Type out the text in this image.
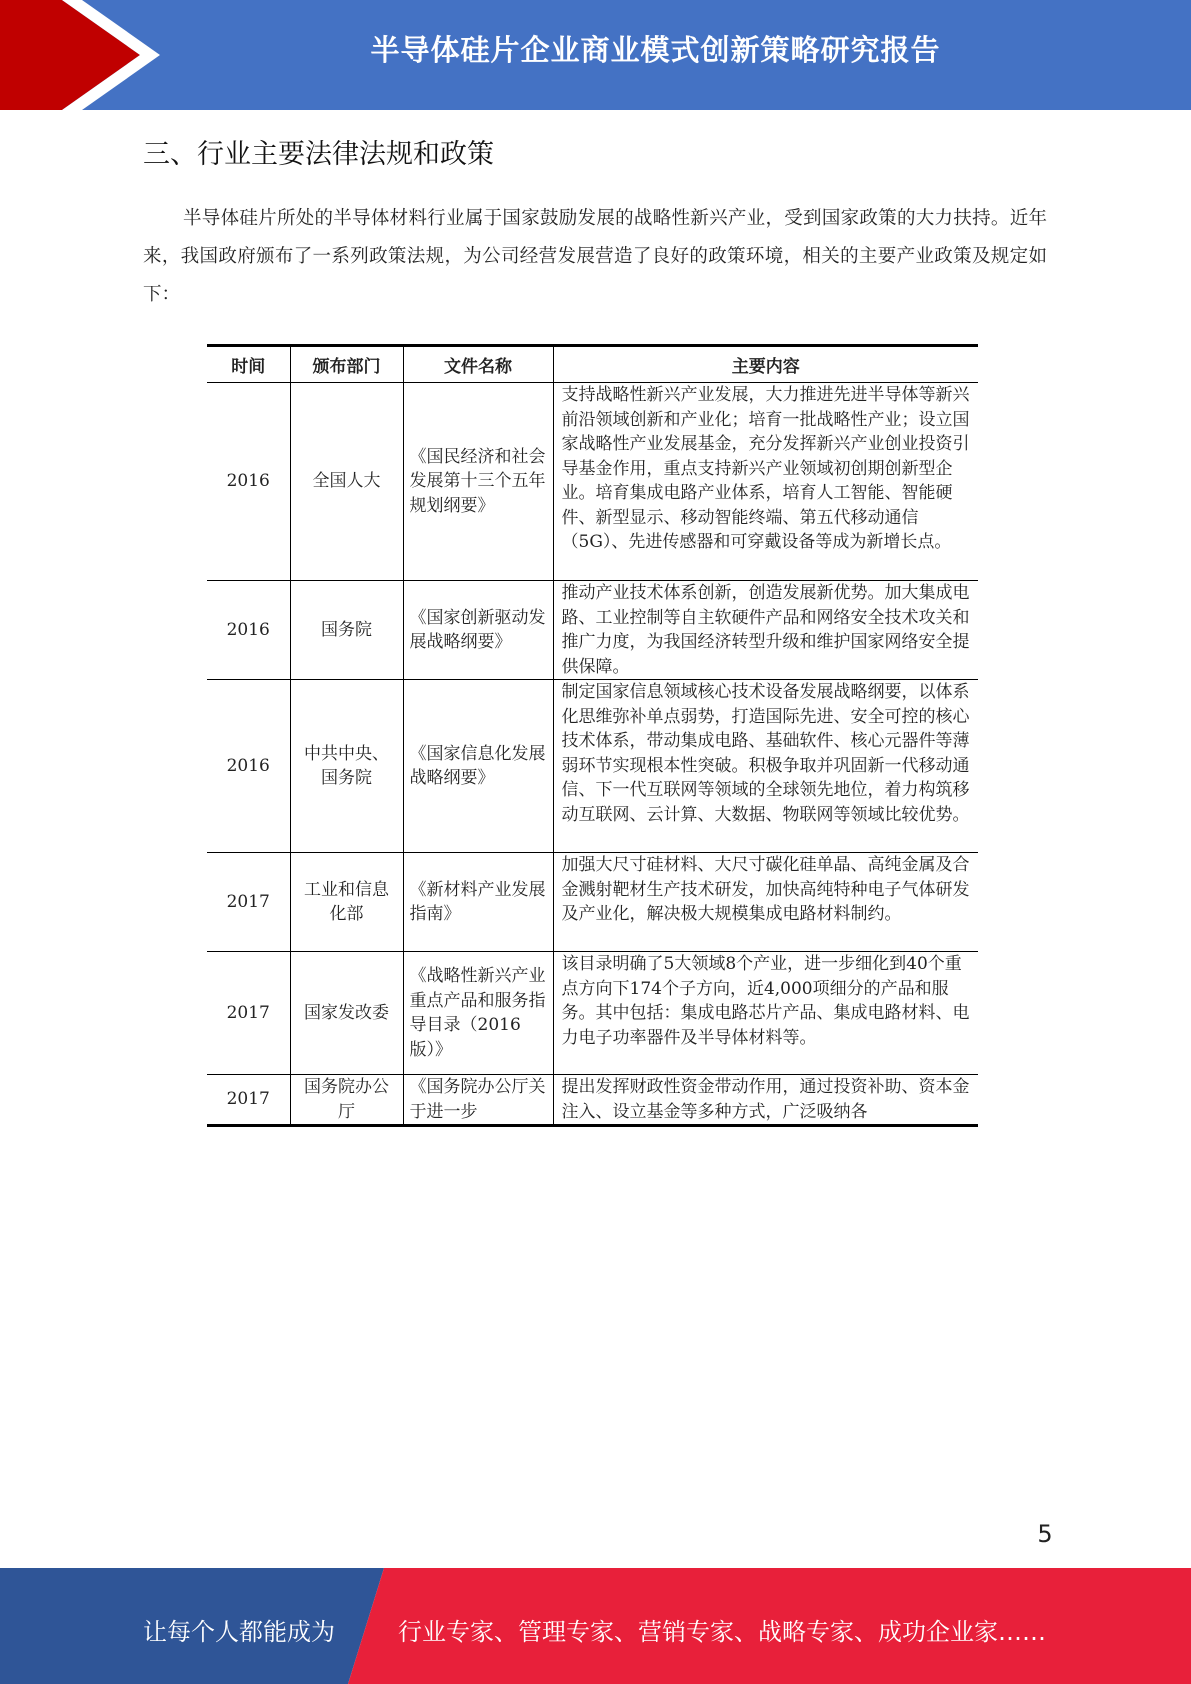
半导体硅片企业商业模式创新策略研究报告
三、行业主要法律法规和政策
半导体硅片所处的半导体材料行业属于国家鼓励发展的战略性新兴产业，受到国家政策的大力扶持。近年来，我国政府颁布了一系列政策法规，为公司经营发展营造了良好的政策环境，相关的主要产业政策及规定如下：
时间	颁布部门	文件名称	主要内容
2016	全国人大	《国民经济和社会发展第十三个五年规划纲要》	支持战略性新兴产业发展，大力推进先进半导体等新兴前沿领域创新和产业化；培育一批战略性产业；设立国家战略性产业发展基金，充分发挥新兴产业创业投资引导基金作用，重点支持新兴产业领域初创期创新型企业。培育集成电路产业体系，培育人工智能、智能硬件、新型显示、移动智能终端、第五代移动通信（5G）、先进传感器和可穿戴设备等成为新增长点。
2016	国务院	《国家创新驱动发展战略纲要》	推动产业技术体系创新，创造发展新优势。加大集成电路、工业控制等自主软硬件产品和网络安全技术攻关和推广力度，为我国经济转型升级和维护国家网络安全提供保障。
2016	中共中央、国务院	《国家信息化发展战略纲要》	制定国家信息领域核心技术设备发展战略纲要，以体系化思维弥补单点弱势，打造国际先进、安全可控的核心技术体系，带动集成电路、基础软件、核心元器件等薄弱环节实现根本性突破。积极争取并巩固新一代移动通信、下一代互联网等领域的全球领先地位，着力构筑移动互联网、云计算、大数据、物联网等领域比较优势。
2017	工业和信息化部	《新材料产业发展指南》	加强大尺寸硅材料、大尺寸碳化硅单晶、高纯金属及合金溅射靶材生产技术研发，加快高纯特种电子气体研发及产业化，解决极大规模集成电路材料制约。
2017	国家发改委	《战略性新兴产业重点产品和服务指导目录（2016版）》	该目录明确了5大领域8个产业，进一步细化到40个重点方向下174个子方向，近4,000项细分的产品和服务。其中包括：集成电路芯片产品、集成电路材料、电力电子功率器件及半导体材料等。
2017	国务院办公厅	《国务院办公厅关于进一步	提出发挥财政性资金带动作用，通过投资补助、资本金注入、设立基金等多种方式，广泛吸纳各
5
让每个人都能成为	行业专家、管理专家、营销专家、战略专家、成功企业家……
